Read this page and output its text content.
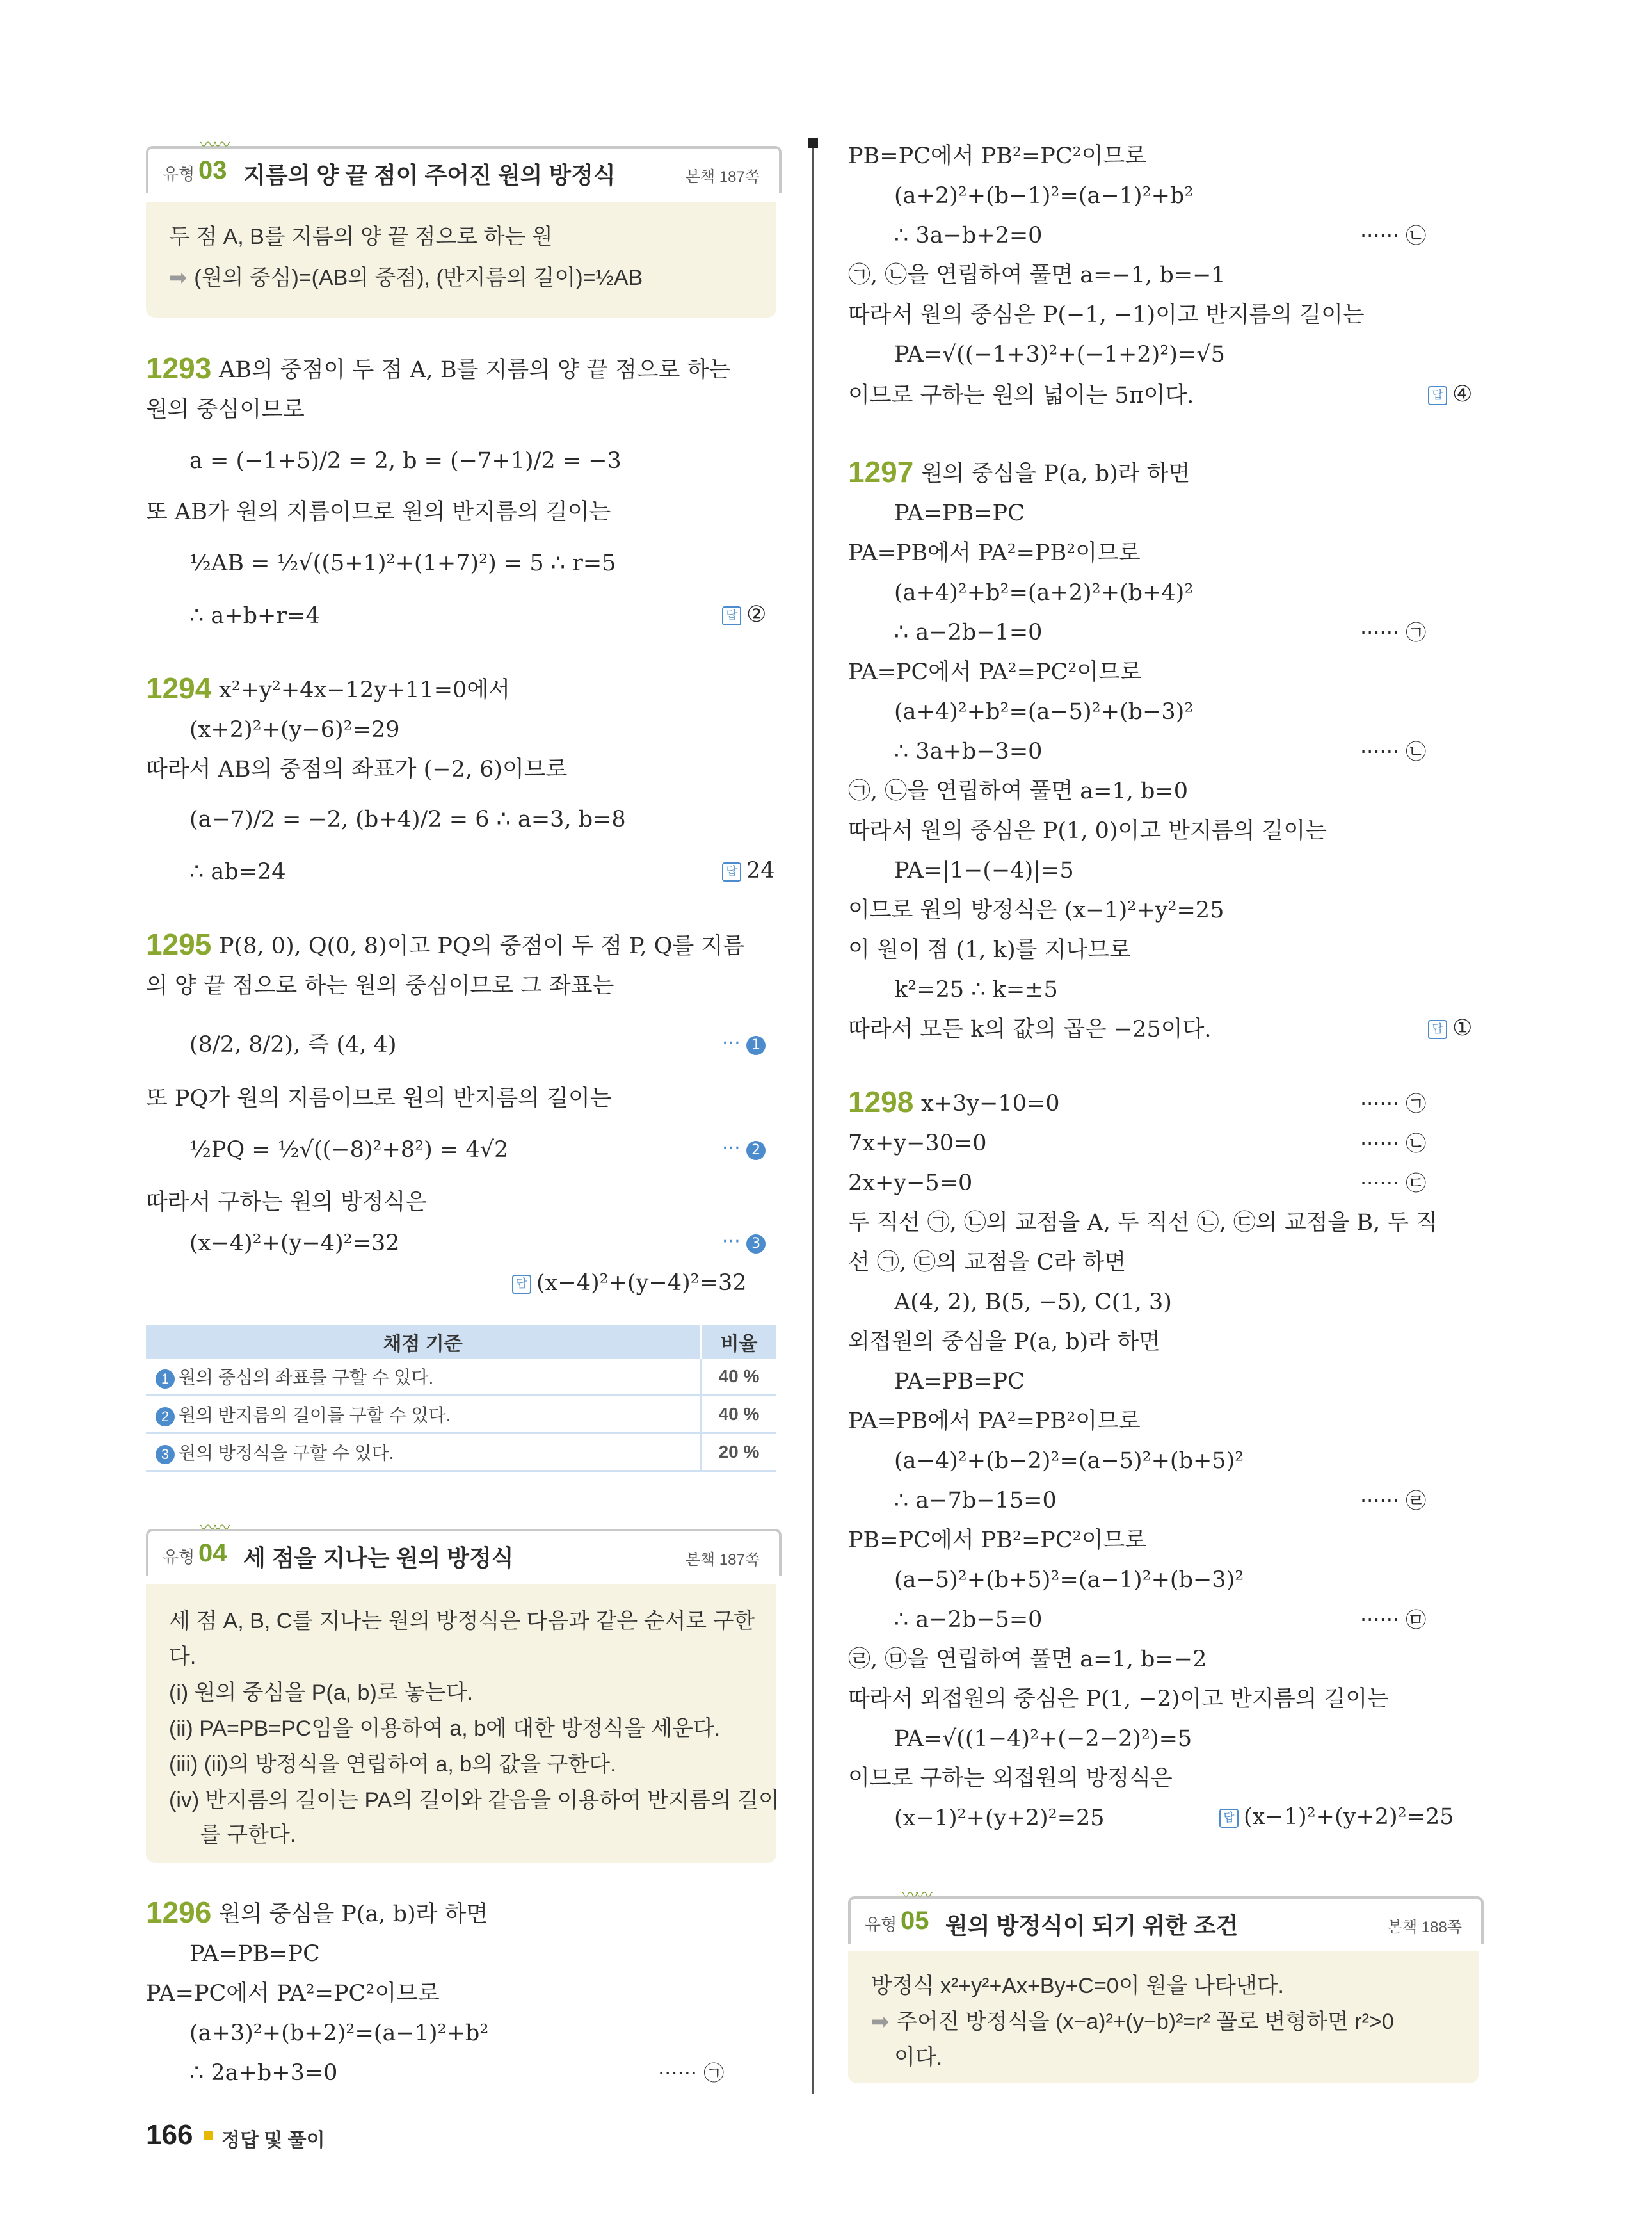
〰〰
유형 03 지름의 양 끝 점이 주어진 원의 방정식	본책 187쪽
두 점 A, B를 지름의 양 끝 점으로 하는 원
➡ (원의 중심)=(AB의 중점), (반지름의 길이)=½AB
1293 AB의 중점이 두 점 A, B를 지름의 양 끝 점으로 하는
원의 중심이므로
a = (−1+5)/2 = 2, b = (−7+1)/2 = −3
또 AB가 원의 지름이므로 원의 반지름의 길이는
½AB = ½√((5+1)²+(1+7)²) = 5 ∴ r=5
∴ a+b+r=4	답 ②
1294 x²+y²+4x−12y+11=0에서
(x+2)²+(y−6)²=29
따라서 AB의 중점의 좌표가 (−2, 6)이므로
(a−7)/2 = −2, (b+4)/2 = 6 ∴ a=3, b=8
∴ ab=24	답 24
1295 P(8, 0), Q(0, 8)이고 PQ의 중점이 두 점 P, Q를 지름
의 양 끝 점으로 하는 원의 중심이므로 그 좌표는
(8/2, 8/2), 즉 (4, 4)	··· 1
또 PQ가 원의 지름이므로 원의 반지름의 길이는
½PQ = ½√((−8)²+8²) = 4√2	··· 2
따라서 구하는 원의 방정식은
(x−4)²+(y−4)²=32	··· 3
답 (x−4)²+(y−4)²=32
채점 기준	비율
1 원의 중심의 좌표를 구할 수 있다.	40 %
2 원의 반지름의 길이를 구할 수 있다.	40 %
3 원의 방정식을 구할 수 있다.	20 %
〰〰
유형 04 세 점을 지나는 원의 방정식	본책 187쪽
세 점 A, B, C를 지나는 원의 방정식은 다음과 같은 순서로 구한
다.
(i) 원의 중심을 P(a, b)로 놓는다.
(ii) PA=PB=PC임을 이용하여 a, b에 대한 방정식을 세운다.
(iii) (ii)의 방정식을 연립하여 a, b의 값을 구한다.
(iv) 반지름의 길이는 PA의 길이와 같음을 이용하여 반지름의 길이
를 구한다.
1296 원의 중심을 P(a, b)라 하면
PA=PB=PC
PA=PC에서 PA²=PC²이므로
(a+3)²+(b+2)²=(a−1)²+b²
∴ 2a+b+3=0	······ ㉠
PB=PC에서 PB²=PC²이므로
(a+2)²+(b−1)²=(a−1)²+b²
∴ 3a−b+2=0	······ ㉡
㉠, ㉡을 연립하여 풀면 a=−1, b=−1
따라서 원의 중심은 P(−1, −1)이고 반지름의 길이는
PA=√((−1+3)²+(−1+2)²)=√5
이므로 구하는 원의 넓이는 5π이다.	답 ④
1297 원의 중심을 P(a, b)라 하면
PA=PB=PC
PA=PB에서 PA²=PB²이므로
(a+4)²+b²=(a+2)²+(b+4)²
∴ a−2b−1=0	······ ㉠
PA=PC에서 PA²=PC²이므로
(a+4)²+b²=(a−5)²+(b−3)²
∴ 3a+b−3=0	······ ㉡
㉠, ㉡을 연립하여 풀면 a=1, b=0
따라서 원의 중심은 P(1, 0)이고 반지름의 길이는
PA=|1−(−4)|=5
이므로 원의 방정식은 (x−1)²+y²=25
이 원이 점 (1, k)를 지나므로
k²=25 ∴ k=±5
따라서 모든 k의 값의 곱은 −25이다.	답 ①
1298 x+3y−10=0	······ ㉠
7x+y−30=0	······ ㉡
2x+y−5=0	······ ㉢
두 직선 ㉠, ㉡의 교점을 A, 두 직선 ㉡, ㉢의 교점을 B, 두 직
선 ㉠, ㉢의 교점을 C라 하면
A(4, 2), B(5, −5), C(1, 3)
외접원의 중심을 P(a, b)라 하면
PA=PB=PC
PA=PB에서 PA²=PB²이므로
(a−4)²+(b−2)²=(a−5)²+(b+5)²
∴ a−7b−15=0	······ ㉣
PB=PC에서 PB²=PC²이므로
(a−5)²+(b+5)²=(a−1)²+(b−3)²
∴ a−2b−5=0	······ ㉤
㉣, ㉤을 연립하여 풀면 a=1, b=−2
따라서 외접원의 중심은 P(1, −2)이고 반지름의 길이는
PA=√((1−4)²+(−2−2)²)=5
이므로 구하는 외접원의 방정식은
(x−1)²+(y+2)²=25	답 (x−1)²+(y+2)²=25
〰〰
유형 05 원의 방정식이 되기 위한 조건	본책 188쪽
방정식 x²+y²+Ax+By+C=0이 원을 나타낸다.
➡ 주어진 방정식을 (x−a)²+(y−b)²=r² 꼴로 변형하면 r²>0
이다.
166 정답 및 풀이
